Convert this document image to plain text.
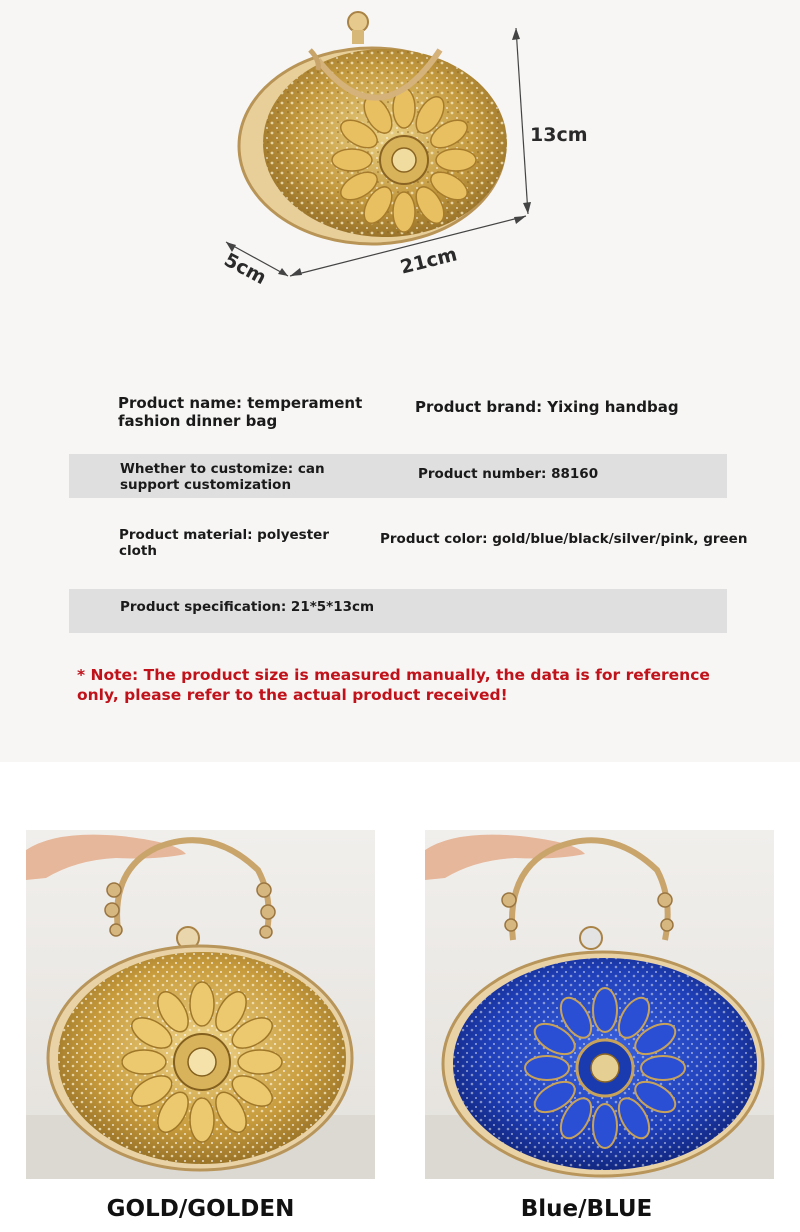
13cm
21cm
5cm
Product name: temperament fashion dinner bag
Product brand: Yixing handbag
Whether to customize: can support customization
Product number: 88160
Product material: polyester cloth
Product color: gold/blue/black/silver/pink, green
Product specification: 21*5*13cm
* Note: The product size is measured manually, the data is for reference only, please refer to the actual product received!
GOLD/GOLDEN	Blue/BLUE
